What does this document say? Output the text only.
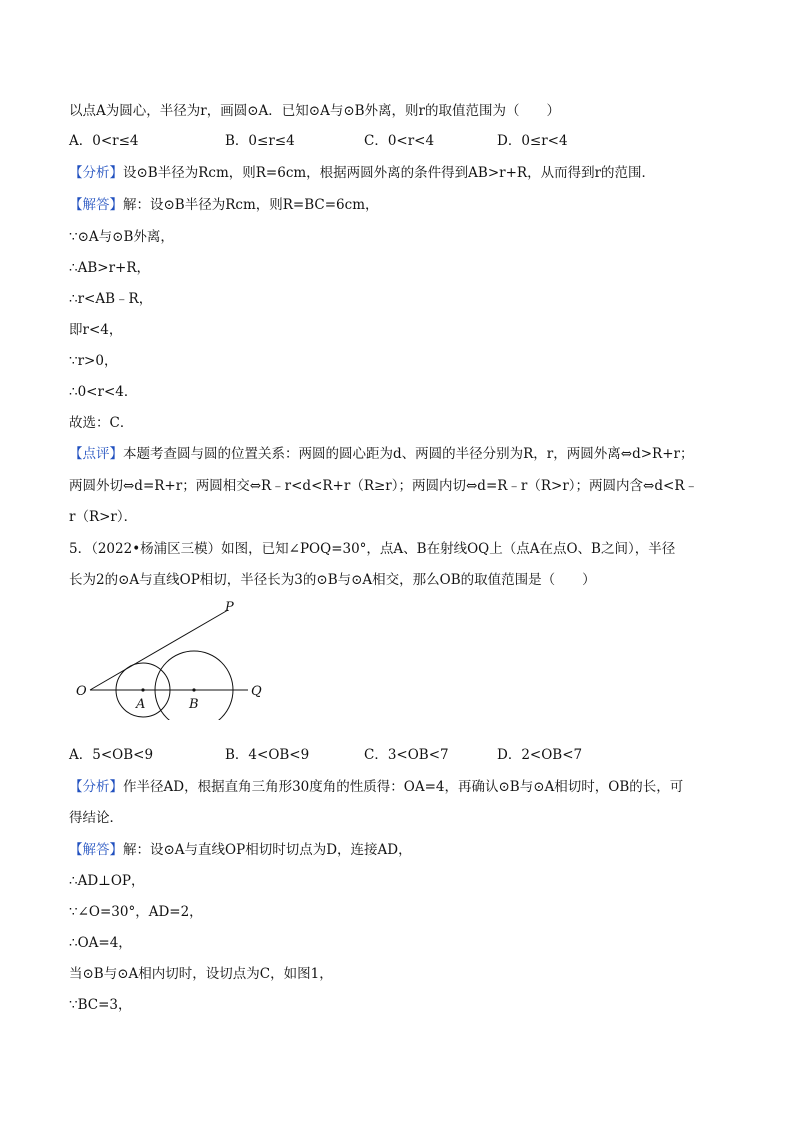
以点A为圆心，半径为r，画圆⊙A．已知⊙A与⊙B外离，则r的取值范围为（　　）
A．0<r≤4	B．0≤r≤4	C．0<r<4	D．0≤r<4
【分析】设⊙B半径为Rcm，则R=6cm，根据两圆外离的条件得到AB>r+R，从而得到r的范围．
【解答】解：设⊙B半径为Rcm，则R=BC=6cm，
∵⊙A与⊙B外离，
∴AB>r+R，
∴r<AB﹣R，
即r<4，
∵r>0，
∴0<r<4．
故选：C．
【点评】本题考查圆与圆的位置关系：两圆的圆心距为d、两圆的半径分别为R，r，两圆外离⇔d>R+r；
两圆外切⇔d=R+r；两圆相交⇔R﹣r<d<R+r（R≥r）；两圆内切⇔d=R﹣r（R>r）；两圆内含⇔d<R﹣
r（R>r）．
5．（2022•杨浦区三模）如图，已知∠POQ=30°，点A、B在射线OQ上（点A在点O、B之间），半径
长为2的⊙A与直线OP相切，半径长为3的⊙B与⊙A相交，那么OB的取值范围是（　　）
P
O
A	B
Q
A．5<OB<9	B．4<OB<9	C．3<OB<7	D．2<OB<7
【分析】作半径AD，根据直角三角形30度角的性质得：OA=4，再确认⊙B与⊙A相切时，OB的长，可
得结论．
【解答】解：设⊙A与直线OP相切时切点为D，连接AD，
∴AD⊥OP，
∵∠O=30°，AD=2，
∴OA=4，
当⊙B与⊙A相内切时，设切点为C，如图1，
∵BC=3，
